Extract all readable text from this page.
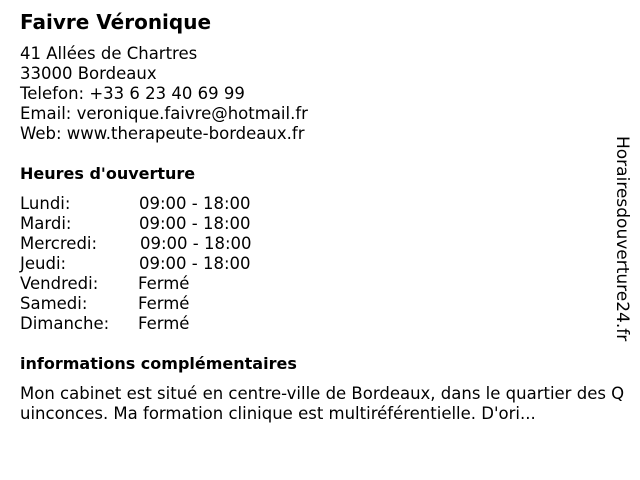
Faivre Véronique
41 Allées de Chartres
33000 Bordeaux
Telefon: +33 6 23 40 69 99
Email: veronique.faivre@hotmail.fr
Web: www.therapeute-bordeaux.fr
Heures d'ouverture
Lundi:	09:00 - 18:00
Mardi:	09:00 - 18:00
Mercredi:	09:00 - 18:00
Jeudi:	09:00 - 18:00
Vendredi: Fermé
Samedi:	Fermé
Dimanche: Fermé
informations complémentaires
Mon cabinet est situé en centre-ville de Bordeaux, dans le quartier des Quinconces. Ma formation clinique est multiréférentielle. D'ori...
Horairesdouverture24.fr
